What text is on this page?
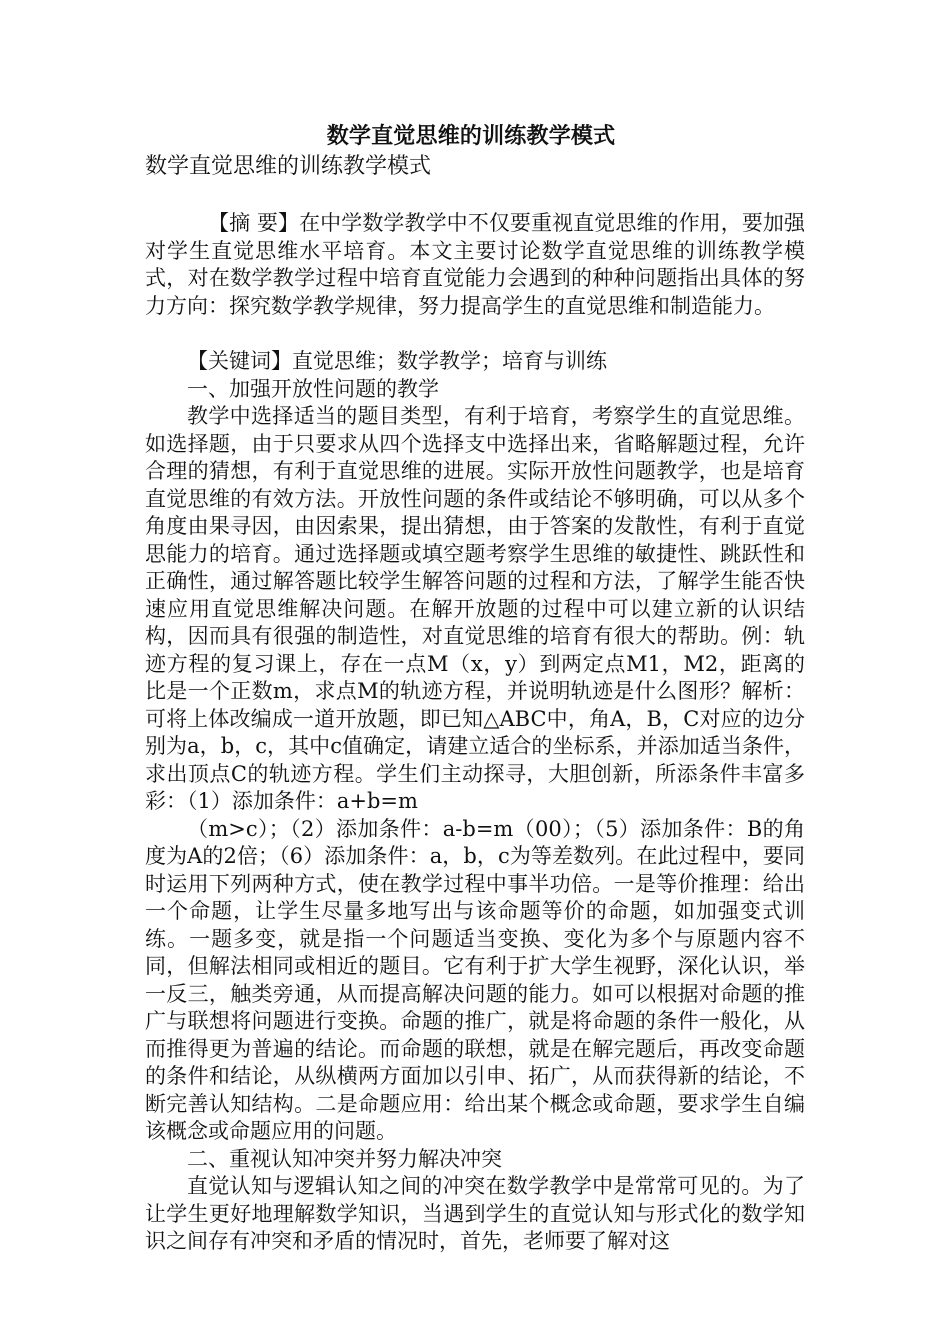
数学直觉思维的训练教学模式

数学直觉思维的训练教学模式

【摘 要】在中学数学教学中不仅要重视直觉思维的作用，要加强对学生直觉思维水平培育。本文主要讨论数学直觉思维的训练教学模式，对在数学教学过程中培育直觉能力会遇到的种种问题指出具体的努力方向：探究数学教学规律，努力提高学生的直觉思维和制造能力。

【关键词】直觉思维；数学教学；培育与训练

一、加强开放性问题的教学

教学中选择适当的题目类型，有利于培育，考察学生的直觉思维。如选择题，由于只要求从四个选择支中选择出来，省略解题过程，允许合理的猜想，有利于直觉思维的进展。实际开放性问题教学，也是培育直觉思维的有效方法。开放性问题的条件或结论不够明确，可以从多个角度由果寻因，由因索果，提出猜想，由于答案的发散性，有利于直觉思能力的培育。通过选择题或填空题考察学生思维的敏捷性、跳跃性和正确性，通过解答题比较学生解答问题的过程和方法，了解学生能否快速应用直觉思维解决问题。在解开放题的过程中可以建立新的认识结构，因而具有很强的制造性，对直觉思维的培育有很大的帮助。例：轨迹方程的复习课上，存在一点M（x，y）到两定点M1，M2，距离的比是一个正数m，求点M的轨迹方程，并说明轨迹是什么图形？解析：可将上体改编成一道开放题，即已知△ABC中，角A，B，C对应的边分别为a，b，c，其中c值确定，请建立适合的坐标系，并添加适当条件，求出顶点C的轨迹方程。学生们主动探寻，大胆创新，所添条件丰富多彩：（1）添加条件：a+b=m

（m>c）；（2）添加条件：a-b=m（00）；（5）添加条件：B的角度为A的2倍；（6）添加条件：a，b，c为等差数列。在此过程中，要同时运用下列两种方式，使在教学过程中事半功倍。一是等价推理：给出一个命题，让学生尽量多地写出与该命题等价的命题，如加强变式训练。一题多变，就是指一个问题适当变换、变化为多个与原题内容不同，但解法相同或相近的题目。它有利于扩大学生视野，深化认识，举一反三，触类旁通，从而提高解决问题的能力。如可以根据对命题的推广与联想将问题进行变换。命题的推广，就是将命题的条件一般化，从而推得更为普遍的结论。而命题的联想，就是在解完题后，再改变命题的条件和结论，从纵横两方面加以引申、拓广，从而获得新的结论，不断完善认知结构。二是命题应用：给出某个概念或命题，要求学生自编该概念或命题应用的问题。

二、重视认知冲突并努力解决冲突

直觉认知与逻辑认知之间的冲突在数学教学中是常常可见的。为了让学生更好地理解数学知识，当遇到学生的直觉认知与形式化的数学知识之间存有冲突和矛盾的情况时，首先，老师要了解对这
